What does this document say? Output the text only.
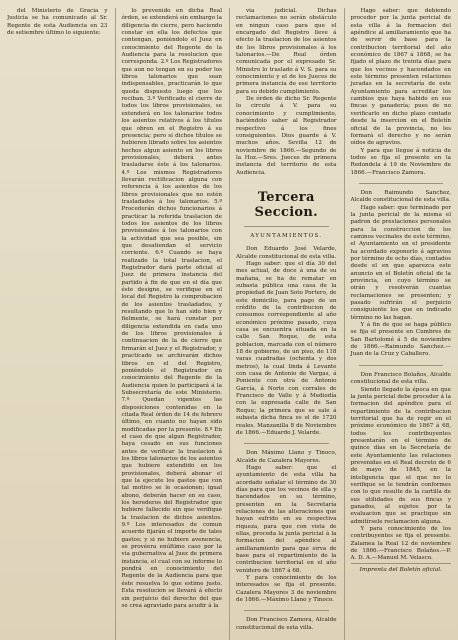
del Ministerio de Gracia y Justicia se ha comunicado al Sr. Regente de esta Audiencia en 23 de setiembre último lo siguiente:

lo prevenido en dicha Real órden, se extenderá sin embargo la diligencia de cierre, pero haciendo constar en ella los defectos que contengan, poniéndolo el Juez en conocimiento del Regente de la Audiencia para la resolucion que corresponda. 2.º Los Registradores que aun no tengan en su poder los libros talonarios que sean indispensables, practicarán lo que queda dispuesto luego que los reciban. 3.º Verificado el cierre de todos los libros provisionales, se extenderá en los talonarios todos los asientos relativos á los títulos que obren en el Registro á su presencia; pero si dichos títulos se hubieren librado sobre los asientos hechos algun asiento en los libros provisionales, deberá antes trasladarse éste á los talonarios. 4.º Los mismos Registradores llevarán rectificacion alguna con referencia á los asientos de los libros provisionales que no estén trasladados á los talonarios. 5.º Procederán dichos funcionarios á practicar la referida traslacion de todos los asientos de los libros provisionales á los talonarios con la actividad que sea posible, sin que desatiendan el servicio corriente. 6.º Cuando se haya realizado la total traslacion, el Registrador dará parte oficial al Juez de primera instancia del partido á fin de que en el día que éste designe, se verifique en el local del Registro la comprobacion de los asientos trasladados, y resultando que lo han sido bien y fielmente, se hará constar por diligencia extendida en cada uno de los libros provisionales á continuacion de la de cierre que firmarán el Juez y el Registrador, y practicado se archivarán dichos libros en el del Registro, poniéndolo el Registrador en conocimiento del Regente de la Audiencia quien lo participará á la Subsecretaría de este Ministerio. 7.º Quedan vigentes las disposiciones contenidas en la citada Real órden de 14 de febrero último, en cuanto no hayan sido modificadas por la presente. 8.º En el caso de que algun Registrador, haya cesado en sus funciones antes de verificar la traslacion á los libros talonarios de los asientos que hubiere extendido en los provisionales, deberá abonar el que la ejecute los gastos que con tal motivo se le ocasionen; igual abono, deberán hacer en su caso, los herederos del Registrador que hubiere fallecido sin que verifique la traslacion de dichos asientos. 9.º Los interesados de comun acuerdo fijarán el importe de tales gastos; y si no hubiere avenencia, se provéera enúltimo caso por la via gubernativa al Juez de primera instancia, el cual con su informe lo pondrá en conocimiento del Regente de la Audiencia para que éste resuelva lo que estime justo. Esta resolucion se llevará á efecto sin perjuicio del derecho del que se crea agraviado para acudir á la

via judicial. Dichas reclamaciones no serán obstáculo en ningun caso para que el encargado del Registro lleve á efecto la traslacion de los asientos de los libros provisionales á los talonarios.—De Real órden comunicada por el expresado Sr. Ministro lo traslado á V. S. para su conocimiento y el de los Jueces de primera instancia de ese territorio para su debido cumplimiento.

De órden de dicho Sr. Regente lo circulo á V. para su conocimiento y cumplimiento, haciéndolo saber al Registrador respectivo á los fines consiguientes. Dios guarde á V. muchos años. Sevilla 12 de noviembre de 1866.—Segundo de la Hoz.—Sres. Jueces de primera instancia del territorio de esta Audiencia.

Tercera Seccion.

AYUNTAMIENTOS.

Don Eduardo José Velarde, Alcalde constitucional de esta villa.

Hago saber: que el día 30 del mes actual, de doce á una de su mañana, se ha de rematar en subasta pública una casa de la propiedad de Juan Soto Portero, de este domicilio, para pago de un crédito de la contribucion de consumos correspondiente al año económico próximo pasado, cuya casa se encuentra situada en la calle San Roque, de esta poblacion, marcada con el número 18 de gobierno, de un piso, de 118 varas cuadradas (ochenta y dos metros), la cual linda á Levante con casa de Antonio de Vargas, á Poniente con otra de Antonio García, á Norte con corrales de Francisco de Valle y á Mediodía con la expresada calle de San Roque; la primera que se sale á subasta dicha finca es el de 1720 reales. Manzanilla 8 de Noviembre de 1866.—Eduardo J. Velarde.

Don Máximo Llano y Tinoco, Alcalde de Cazalera Mayores.

Hago saber: que el ayuntamiento de esta villa ha acordado señalar el término de 30 días para que los vecinos de ella y hacendados en su término, presenten en la Secretaría relaciones de las alteraciones que hayan sufrido en su respectiva riqueza, para que con vista de ellas, proceda la junta pericial á la formacion del apéndice al amillaramiento para que sirva de base para el repartimiento de la contribucion territorial en el año venidero de 1867 á 68.

Y para conocimiento de los interesados se fija el presente. Cazalera Mayores 3 de noviembre de 1866.—Máximo Llano y Tinoco.

Don Francisco Zamora, Alcalde constitucional de esta villa.

Hago saber: que debiendo proceder por la junta pericial de esta villa á la formacion del apéndice al amillaramiento que ha de servir de base para la contribucion territorial del año económico de 1867 á 1868, se ha fijado el plazo de treinta días para que los vecinos y hacendados en este término presenten relaciones juradas en la secretaría de este Ayuntamiento para acreditar los cambios que haya habido en sus fincas y ganadería; pues de no verificarlo en dicho plazo contado desde la insercion en el Boletín oficial de la provincia, no les formará el derecho y no serán oídos de agravios.

Y para que llegue á noticia de todos se fija el presente en la Redondela á 19 de Noviembre de 1866.—Francisco Zamora.

Don Raimundo Sanchez, Alcalde constitucional de esta villa.

Hago saber: que terminado por la junta pericial de la misma el padron de prestaciones personales para la construccion de los caminos vecinales de este término, el Ayuntamiento en el presidente ha acordado exponerlo á agravios por término de ocho días, contados desde el en que aparezca este anuncio en el Boletín oficial de la provincia, en cuyo término se oirán y resolverán cuantas reclamaciones se presenten; y pasado sufrirán el perjuicio consiguiente los que en indicado término no las hagan.

Y á fin de que se haga público se fija el presente en Cumbres de San Bartolomé á 5 de noviembre de 1866.—Raimundo Sanchez.—Juan de la Cruz y Caballero.

Don Francisco Bolaños, Alcalde constitucional de esta villa.

Siendo llegado la época en que la junta pericial debe proceder á la formacion del apéndice para el repartimiento de la contribucion territorial que ha de regir en el próximo económico de 1867 á 68, todos los contribuyentes presentarán en el término de quince días en la Secretaría de este Ayuntamiento las relaciones prevenidas en el Real decreto de 6 de mayo de 1845, en la inteligencia que el que no lo verifique se le tendrán conformes con lo que resulte de la cartilla de sus utilidades de sus fincas y ganados, al sujetos por la evaluacion que se practique sin admitírsele reclamacion alguna.

Y para conocimiento de los contribuyentes se fija el presente. Zalamea la Real 12 de noviembre de 1866.—Francisco Bolaños.—P. A. D. A.—Manuel M. Velasco.

Imprenta del Boletín oficial.
